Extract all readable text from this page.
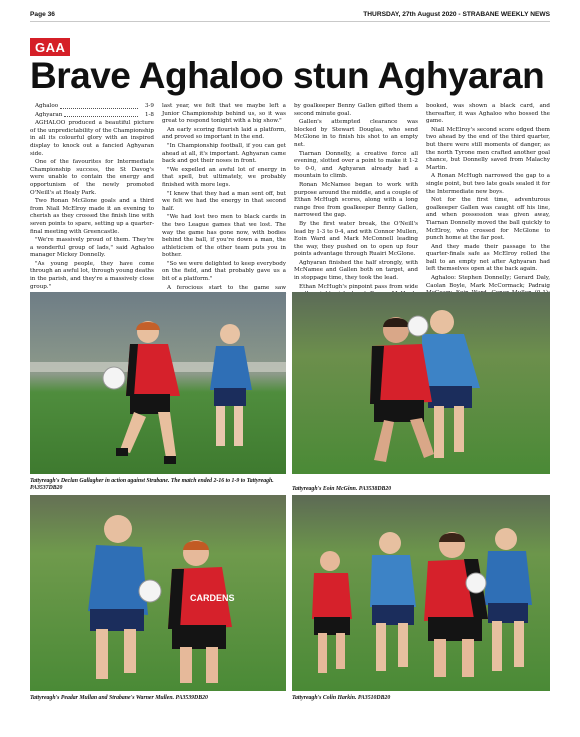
Page 36	THURSDAY, 27th August 2020 - STRABANE WEEKLY NEWS
GAA
Brave Aghaloo stun Aghyaran

Aghaloo	3-9

Aghyaran	1-8

AGHALOO produced a beautiful picture of the unpredictability of the Championship in all its colourful glory with an inspired display to knock out a fancied Aghyaran side.

One of the favourites for Intermediate Championship success, the St Davog's were unable to contain the energy and opportunism of the newly promoted O'Neill's at Healy Park.

Two Ronan McGlone goals and a third from Niall McElroy made it an evening to cherish as they crossed the finish line with seven points to spare, setting up a quarter-final meeting with Greencastle.

"We're massively proud of them. They're a wonderful group of lads," said Aghaloo manager Mickey Donnelly.

"As young people, they have come through an awful lot, through young deaths in the parish, and they're a massively close group."

last year, we felt that we maybe left a Junior Championship behind us, so it was great to respond tonight with a big show."

An early scoring flourish laid a platform, and proved so important in the end.

"In Championship football, if you can get ahead at all, it's important. Aghyaran came back and got their noses in front.

"We expelled an awful lot of energy in that spell, but ultimately, we probably finished with more legs.

"I knew that they had a man sent off, but we felt we had the energy in that second half.

"We had lost two men to black cards in the two League games that we lost. The way the game has gone now, with bodies behind the ball, if you're down a man, the athleticism of the other team puts you in bother.

"So we were delighted to keep everybody on the field, and that probably gave us a bit of a platform."

A ferocious start to the game saw

by goalkeeper Benny Gallen gifted them a second minute goal.

Gallen's attempted clearance was blocked by Stewart Douglas, who send McGlone in to finish his shot to an empty net.

Tiarnan Donnelly, a creative force all evening, slotted over a point to make it 1-2 to 0-0, and Aghyaran already had a mountain to climb.

Ronan McNamee began to work with purpose around the middle, and a couple of Ethan McHugh scores, along with a long range free from goalkeeper Benny Gallen, narrowed the gap.

By the first water break, the O'Neill's lead by 1-3 to 0-4, and with Connor Mullen, Eoin Ward and Mark McConnell leading the way, they pushed on to open up four points advantage through Ruairi McGlone.

Aghyaran finished the half strongly, with McNamee and Gallen both on target, and in stoppage time, they took the lead.

Ethan McHugh's pinpoint pass from wide

booked, was shown a black card, and thereafter, it was Aghaloo who bossed the game.

Niall McElroy's second score edged them two ahead by the end of the third quarter, but there were still moments of danger, as the north Tyrone men crafted another goal chance, but Donnelly saved from Malachy Martin.

A Ronan McHugh narrowed the gap to a single point, but two late goals sealed it for the Intermediate new boys.

Not for the first time, adventurous goalkeeper Gallen was caught off his line, and when possession was given away, Tiarnan Donnelly moved the ball quickly to McElroy, who crossed for McGlone to punch home at the far post.

And they made their passage to the quarter-finals safe as McElroy rolled the ball to an empty net after Aghyaran had left themselves open at the back again.

Aghaloo: Stephen Donnelly; Gerard Daly, Caolan Boyle, Mark McCormack; Padraig

Tattyreagh's Declan Gallagher in action against Strabane. The match ended 2-16 to 1-9 to Tattyreagh. PA3537DB20	Tattyreagh's Eoin McGinn. PA3538DB20
CARDENS
Tattyreagh's Peadar Mullan and Strabane's Warner Mullen. PA3539DB20	Tattyreagh's Colin Harkin. PA3510DB20
